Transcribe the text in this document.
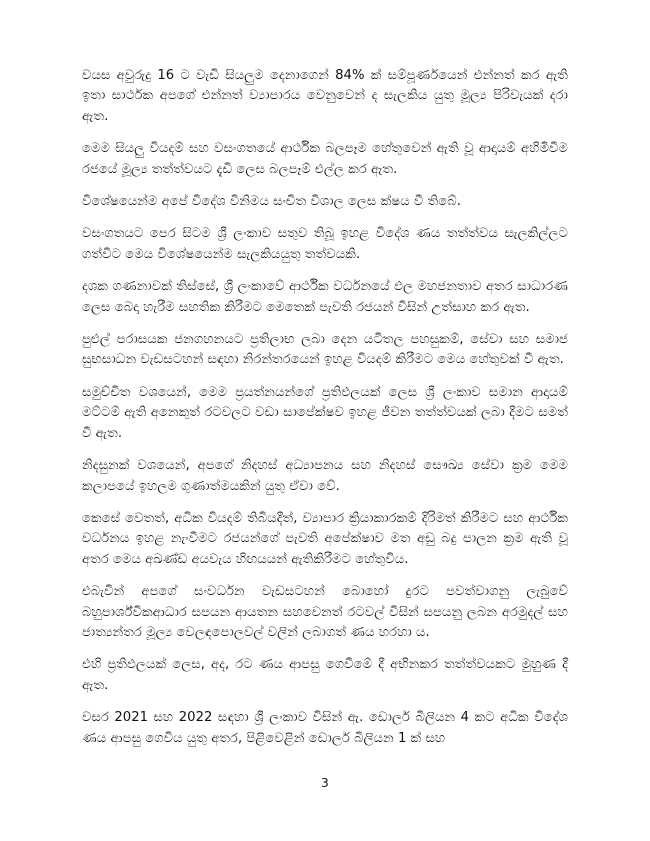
වයස අවුරුදු 16 ට වැඩි සියලුම දෙනාගෙන් 84% ක් සම්පූර්ණයෙන් එන්නත් කර ඇති ඉතා සාර්ථක අපගේ එන්නත් ව්‍යාපාරය වෙනුවෙන් ද සැලකිය යුතු මූල්‍ය පිරිවැයක් දරා ඇත.

මෙම සියලු වියදම් සහ වසංගතයේ ආර්ථික බලපෑම හේතුවෙන් ඇති වූ ආදායම් අහිමිවීම රජයේ මූල්‍ය තත්ත්වයට දැඩි ලෙස බලපෑම් එල්ල කර ඇත.

විශේෂයෙන්ම අපේ විදේශ විනිමය සංචිත විශාල ලෙස ක්ෂය වී තිබේ.

වසංගතයට පෙර සිටම ශ්‍රී ලංකාව සතුව තිබූ ඉහළ විදේශ ණය තත්ත්වය සැලකිල්ලට ගත්විට මෙය විශේෂයෙන්ම සැලකියයුතු තත්වයකි.

දශක ගණනාවක් තිස්සේ, ශ්‍රී ලංකාවේ ආර්ථික වර්ධනයේ ඵල මහජනතාව අතර සාධාරණ ලෙස බෙදා හැරීම සහතික කිරීමට මෙතෙක් පැවති රජයන් විසින් උත්සාහ කර ඇත.

පුළුල් පරාසයක ජනගහනයට ප්‍රතිලාභ ලබා දෙන යටිතල පහසුකම්, සේවා සහ සමාජ සුභසාධන වැඩසටහන් සඳහා නිරන්තරයෙන් ඉහළ වියදම් කිරීමට මෙය හේතුවක් වී ඇත.

සමුච්චිත වශයෙන්, මෙම ප්‍රයත්නයන්ගේ ප්‍රතිඵලයක් ලෙස ශ්‍රී ලංකාව සමාන ආදායම් මට්ටම් ඇති අනෙකුත් රටවලට වඩා සාපේක්ෂව ඉහළ ජීවන තත්ත්වයක් ලබා දීමට සමත් වී ඇත.

නිදසුනක් වශයෙන්, අපගේ නිදහස් අධ්‍යාපනය සහ නිදහස් සෞඛ්‍ය සේවා ක්‍රම මෙම කලාපයේ ඉහලම ගුණාත්මයකින් යුතු ඒවා වේ.

කෙසේ වෙතත්, අධික වියදම් තිබියදීත්, ව්‍යාපාර ක්‍රියාකාරකම් දිරිමත් කිරීමට සහ ආර්ථික වර්ධනය ඉහළ නැංවීමට රජයන්ගේ පැවති අපේක්ෂාව මත අඩු බදු පාලන ක්‍රම ඇති වූ අතර මෙය අඛණ්ඩ අයවැය හිඟයයන් ඇතිකිරීමට හේතුවිය.

එබැවින් අපගේ සංවර්ධන වැඩසටහන් බොහෝ දුරට පවත්වාගනු ලැබුවේ බහුපාර්ශ්විකආධාර සපයන ආයතන සහවෙනත් රටවල් විසින් සපයනු ලබන අරමුදල් සහ ජාත්‍යන්තර මූල්‍ය වෙලඳපොලවල් වලින් ලබාගත් ණය හරහා ය.

එහි ප්‍රතිඵලයක් ලෙස, අද, රට ණය ආපසු ගෙවීමේ දී අභිනකර තත්ත්වයකට මුහුණ දී ඇත.

වසර 2021 සහ 2022 සඳහා ශ්‍රී ලංකාව විසින් ඇ. ඩොලර් බිලියන 4 කට අධික විදේශ ණය ආපසු ගෙවිය යුතු අතර, පිළිවෙළින් ඩොලර් බිලියන 1 ක් සහ

3
